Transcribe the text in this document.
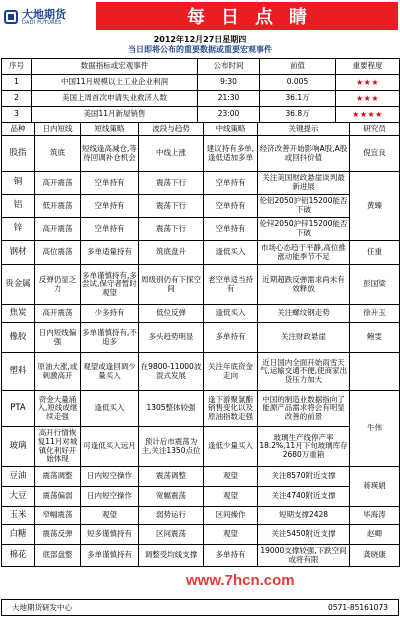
大地期货
DADI FUTURES	每日点睛
2012年12月27日星期四
当日即将公布的重要数据或重要宏观事件
序号	数据指标或宏观事件	公布时间	前值	重要程度
1	中国11月规模以上工业企业利润	9:30	0.005	★★★
2	美国上周首次申请失业救济人数	21:30	36.1万	★★★
3	美国11月新屋销售	23:00	36.8万	★★★★
品种	日内短线	短线策略	波段与趋势	中线策略	关键提示	研究员
股指	筑底	短线逢高减仓,等待回调补仓机会	中线上涨	建议持有多单,逢低适加多单	经济改善开始影响A股,A股或回抖价值	倪宜良
铜	高开震荡	空单持有	震荡下行	空单持有	关注美国财政悬崖谈判最新进展	黄臻
铝	低开震荡	空单持有	震荡下行	空单持有	伦铝2050沪铝15200能否下破	
锌	高开震荡	空单持有	震荡下行	空单持有	伦锌2050沪锌15200能否下破	
钢材	高位震荡	多单适量持有	筑底盘升	逢低买入	市场心态趋于平静,高位推涨动能季节不足	任重
贵金属	反弹仍显乏力	多单谨慎持有,多尝试,保守者暂时观望	周级别仍有下探空间	老空单适当持有	近期超跌反弹需求尚未有效释放	彭国梁
焦炭	高开震荡	少多持有	低位反弹	逢低买入	关注螺纹钢走势	徐升玉
橡胶	日内短线偏强	多单谨慎持有,不追多	多头趋势明显	多单持有	关注财政悬崖	鲍雯
塑料	原油大涨,或刺激高开	观望或逢回调少量买入	在9800-11000波混式发展	关注年底资金走向	近日国内全面开始雨雪天气,运输交通不便,使商家出货压力加大	
PTA	资金大量涌入,短线或继续走强	逢低买入	1305整体较强	逢下游聚氯酯销售变化以及原油指数走强	中国的制造业数据指向了能源产品需求将会有明显改善的前景	牛伟
玻璃	高开行情恢复11月对城镇化利好开始体现	可逢低买入远月	预计后市震荡为主,关注1350点位	逢低少量买入	玻璃生产线停产率18.2%,11月下旬玻璃库存2680万重箱	
豆油	震荡调整	日内短空操作	震荡调整	观望	关注8570附近支撑	蒋瑛娟
大豆	震荡偏弱	日内短空操作	宽幅震荡	观望	关注4740附近支撑	
玉米	窄幅震荡	观望	弱势运行	区间操作	短期支撑2428	毕海涛
白糖	震荡反弹	短多谨慎持有	区间震荡	观望	关注5450附近支撑	赵卿
棉花	底部盘整	多单谨慎持有	调整受均线支撑	多单持有	19000支撑较强,下跌空间或将有限	龚晓康
www.7hcn.com
大地期货研发中心	0571-85161073
